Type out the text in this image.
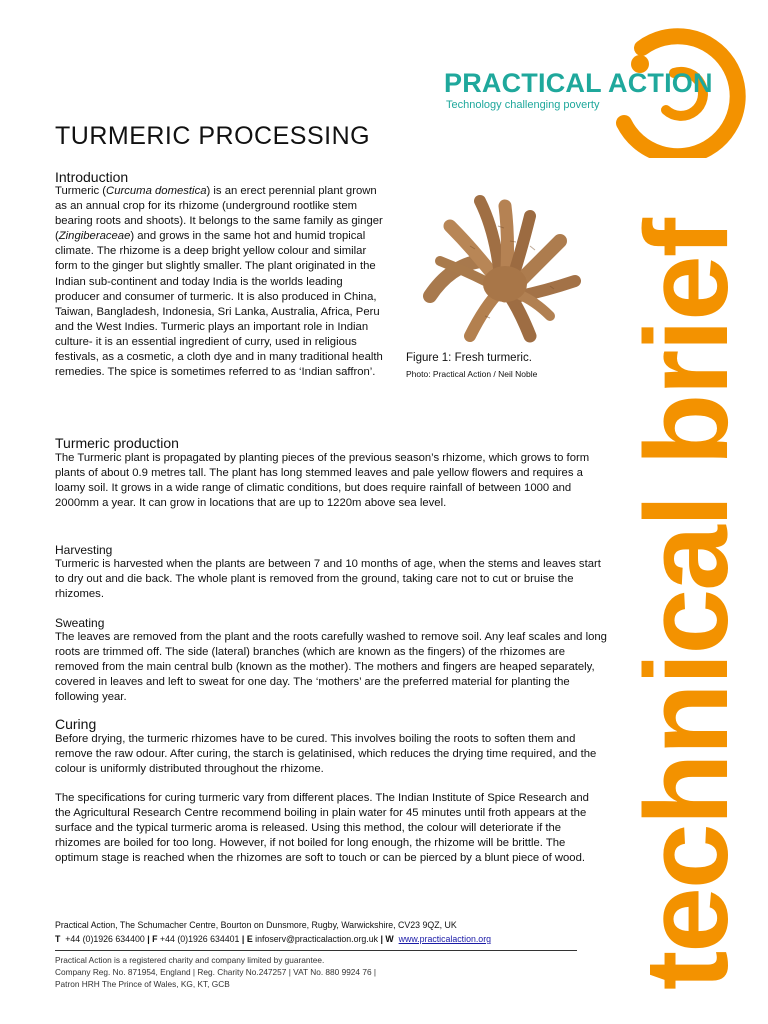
PRACTICAL ACTION
Technology challenging poverty
technical brief
TURMERIC PROCESSING
Introduction
Turmeric (Curcuma domestica) is an erect perennial plant grown as an annual crop for its rhizome (underground rootlike stem bearing roots and shoots). It belongs to the same family as ginger (Zingiberaceae) and grows in the same hot and humid tropical climate. The rhizome is a deep bright yellow colour and similar form to the ginger but slightly smaller. The plant originated in the Indian sub-continent and today India is the worlds leading producer and consumer of turmeric. It is also produced in China, Taiwan, Bangladesh, Indonesia, Sri Lanka, Australia, Africa, Peru and the West Indies. Turmeric plays an important role in Indian culture- it is an essential ingredient of curry, used in religious festivals, as a cosmetic, a cloth dye and in many traditional health remedies. The spice is sometimes referred to as ‘Indian saffron’.
Figure 1: Fresh turmeric.
Photo: Practical Action / Neil Noble
Turmeric production
The Turmeric plant is propagated by planting pieces of the previous season’s rhizome, which grows to form plants of about 0.9 metres tall. The plant has long stemmed leaves and pale yellow flowers and requires a loamy soil. It grows in a wide range of climatic conditions, but does require rainfall of between 1000 and 2000mm a year. It can grow in locations that are up to 1220m above sea level.
Harvesting
Turmeric is harvested when the plants are between 7 and 10 months of age, when the stems and leaves start to dry out and die back. The whole plant is removed from the ground, taking care not to cut or bruise the rhizomes.
Sweating
The leaves are removed from the plant and the roots carefully washed to remove soil. Any leaf scales and long roots are trimmed off. The side (lateral) branches (which are known as the fingers) of the rhizomes are removed from the main central bulb (known as the mother). The mothers and fingers are heaped separately, covered in leaves and left to sweat for one day. The ‘mothers’ are the preferred material for planting the following year.
Curing
Before drying, the turmeric rhizomes have to be cured. This involves boiling the roots to soften them and remove the raw odour. After curing, the starch is gelatinised, which reduces the drying time required, and the colour is uniformly distributed throughout the rhizome.
The specifications for curing turmeric vary from different places. The Indian Institute of Spice Research and the Agricultural Research Centre recommend boiling in plain water for 45 minutes until froth appears at the surface and the typical turmeric aroma is released. Using this method, the colour will deteriorate if the rhizomes are boiled for too long. However, if not boiled for long enough, the rhizome will be brittle. The optimum stage is reached when the rhizomes are soft to touch or can be pierced by a blunt piece of wood.
Practical Action, The Schumacher Centre, Bourton on Dunsmore, Rugby, Warwickshire, CV23 9QZ, UK
T +44 (0)1926 634400 | F +44 (0)1926 634401 | E infoserv@practicalaction.org.uk | W www.practicalaction.org
Practical Action is a registered charity and company limited by guarantee.
Company Reg. No. 871954, England | Reg. Charity No.247257 | VAT No. 880 9924 76 |
Patron HRH The Prince of Wales, KG, KT, GCB
